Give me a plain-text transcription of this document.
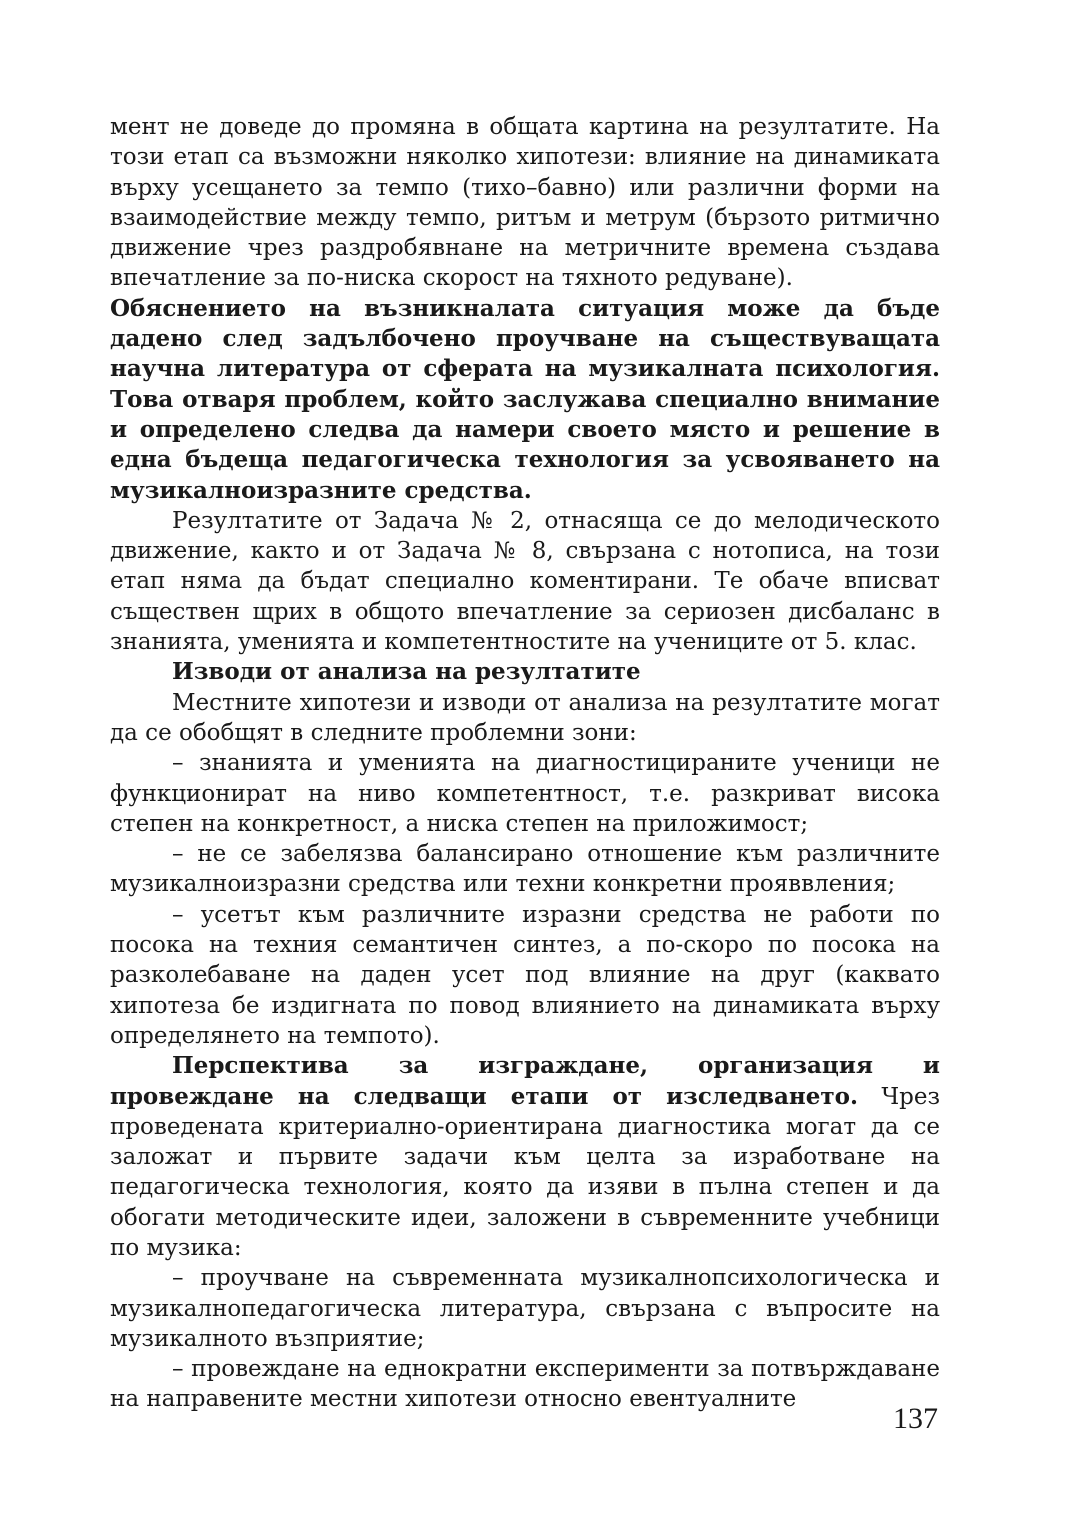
мент не доведе до промяна в общата картина на резултатите. На този етап са възможни няколко хипотези: влияние на динамиката върху усещането за темпо (тихо–бавно) или различни форми на взаимодействие между темпо, ритъм и метрум (бързото ритмично движение чрез раздробявнане на метричните времена създава впечатление за по-ниска скорост на тяхното редуване).

Обяснението на възникналата ситуация може да бъде дадено след задълбочено проучване на съществуващата научна литература от сферата на музикалната психология. Това отваря проблем, който заслужава специално внимание и определено следва да намери своето място и решение в една бъдеща педагогическа технология за усвояването на музикалноизразните средства.

Резултатите от Задача № 2, отнасяща се до мелодическото движение, както и от Задача № 8, свързана с нотописа, на този етап няма да бъдат специално коментирани. Те обаче вписват съществен щрих в общото впечатление за сериозен дисбаланс в знанията, уменията и компетентностите на учениците от 5. клас.

Изводи от анализа на резултатите

Местните хипотези и изводи от анализа на резултатите могат да се обобщят в следните проблемни зони:

– знанията и уменията на диагностицираните ученици не функционират на ниво компетентност, т.е. разкриват висока степен на конкретност, а ниска степен на приложимост;

– не се забелязва балансирано отношение към различните музикалноизразни средства или техни конкретни прояввления;

– усетът към различните изразни средства не работи по посока на техния семантичен синтез, а по-скоро по посока на разколебаване на даден усет под влияние на друг (каквато хипотеза бе издигната по повод влиянието на динамиката върху определянето на темпото).

Перспектива за изграждане, организация и провеждане на следващи етапи от изследването. Чрез проведената критериално-ориентирана диагностика могат да се заложат и първите задачи към целта за изработване на педагогическа технология, която да изяви в пълна степен и да обогати методическите идеи, заложени в съвременните учебници по музика:

– проучване на съвременната музикалнопсихологическа и музикалнопедагогическа литература, свързана с въпросите на музикалното възприятие;

– провеждане на еднократни експерименти за потвърждаване на направените местни хипотези относно евентуалните

137
